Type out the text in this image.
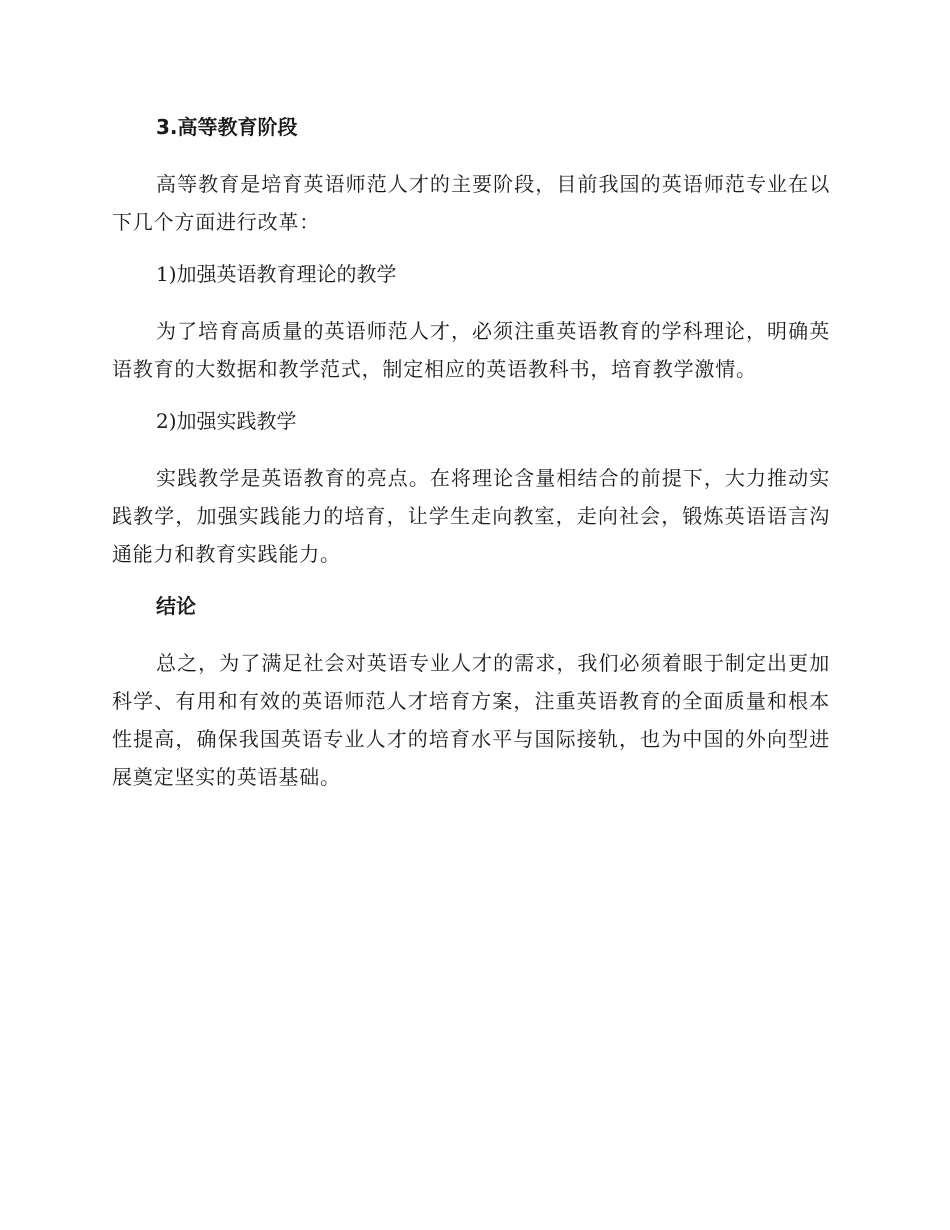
3.高等教育阶段

高等教育是培育英语师范人才的主要阶段，目前我国的英语师范专业在以下几个方面进行改革：

1)加强英语教育理论的教学

为了培育高质量的英语师范人才，必须注重英语教育的学科理论，明确英语教育的大数据和教学范式，制定相应的英语教科书，培育教学激情。

2)加强实践教学

实践教学是英语教育的亮点。在将理论含量相结合的前提下，大力推动实践教学，加强实践能力的培育，让学生走向教室，走向社会，锻炼英语语言沟通能力和教育实践能力。

结论

总之，为了满足社会对英语专业人才的需求，我们必须着眼于制定出更加科学、有用和有效的英语师范人才培育方案，注重英语教育的全面质量和根本性提高，确保我国英语专业人才的培育水平与国际接轨，也为中国的外向型进展奠定坚实的英语基础。
